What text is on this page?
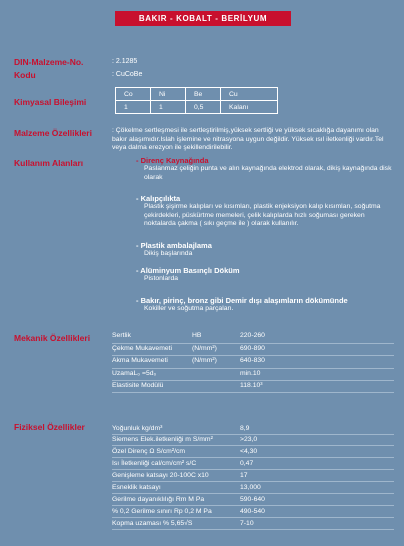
BAKIR - KOBALT - BERİLYUM
DIN-Malzeme-No.	: 2.1285
Kodu	: CuCoBe
Kimyasal Bileşimi
Co	Ni	Be	Cu
1	1	0,5	Kalanı
Malzeme Özellikleri	: Çökelme sertleşmesi ile sertleştirilmiş,yüksek sertliği ve yüksek sıcaklığa dayanımı olan bakır alaşımıdır.Islah işlemine ve nitrasyona uygun değildir. Yüksek ısıl iletkenliği vardır.Tel veya dalma erezyon ile şekillendirilebilir.
Kullanım Alanları	- Direnç Kaynağında
Paslanmaz çeliğin punta ve alın kaynağında elektrod olarak, dikiş kaynağında disk olarak
- Kalıpçılıkta
Plastik şişirme kalıpları ve kısımları, plastik enjeksiyon kalıp kısımları, soğutma çekirdekleri, püskürtme memeleri, çelik kalıplarda hızlı soğuması gereken noktalarda çakma ( sıkı geçme ile ) olarak kullanılır.
- Plastik ambalajlama
Dikiş başlarında
- Alüminyum Basınçlı Döküm
Pistonlarda
- Bakır, pirinç, bronz gibi Demir dışı alaşımların dökümünde
Kokiller ve soğutma parçaları.
Mekanik Özellikleri	Sertlik	HB	220-260
Çekme Mukavemeti	(N/mm²)	690-890
Akma Mukavemeti	(N/mm²)	640-830
UzamaL₀ =5d₀	min.10
Elastisite Modülü	118.10³
Fiziksel Özellikler	Yoğunluk kg/dm³	8,9
Siemens Elek.iletkenliği m S/mm²	>23,0
Özel Direnç Ω S/cm²/cm	<4,30
Isı İletkenliği cal/cm/cm² s/C	0,47
Genişleme katsayı 20-100C x10	17
Esneklik katsayı	13,000
Gerilme dayanıklılığı Rm M Pa	590-640
% 0,2 Gerilme sınırı Rp 0,2 M Pa	490-540
Kopma uzaması % 5,65√S	7-10
